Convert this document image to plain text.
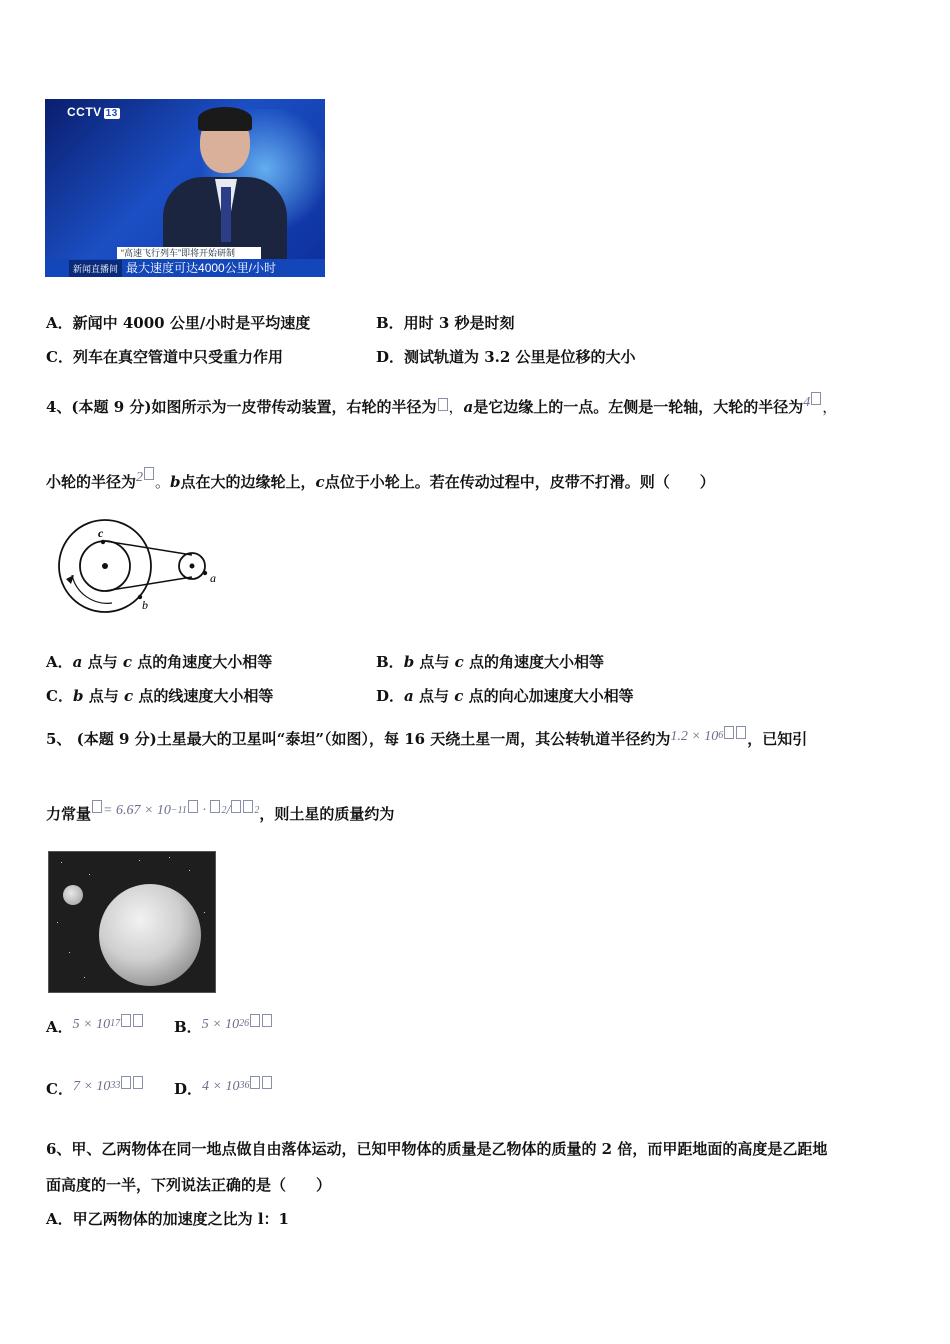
CCTV 13
“高速飞行列车”即将开始研制
新闻直播间 最大速度可达4000公里/小时
A．新闻中 4000 公里/小时是平均速度	B．用时 3 秒是时刻
C．列车在真空管道中只受重力作用	D．测试轨道为 3.2 公里是位移的大小
4、(本题 9 分)如图所示为一皮带传动装置，右轮的半径为 ，a是它边缘上的一点。左侧是一轮轴，大轮的半径为4 ，
小轮的半径为2 。b点在大的边缘轮上，c点位于小轮上。若在传动过程中，皮带不打滑。则（　　）
c
b
a
A．a 点与 c 点的角速度大小相等	B．b 点与 c 点的角速度大小相等
C．b 点与 c 点的线速度大小相等	D．a 点与 c 点的向心加速度大小相等
5、 (本题 9 分)土星最大的卫星叫“泰坦”（如图），每 16 天绕土星一周，其公转轨道半径约为$1.2 \times 10^6$ ，已知引
力常量 = $6.67 \times 10^{-11} \cdot ^2/$ $^2$，则土星的质量约为
A．$5 \times 10^{17}$	B．$5 \times 10^{26}$
C．$7 \times 10^{33}$	D．$4 \times 10^{36}$
6、甲、乙两物体在同一地点做自由落体运动，已知甲物体的质量是乙物体的质量的 2 倍，而甲距地面的高度是乙距地
面高度的一半，下列说法正确的是（　　）
A．甲乙两物体的加速度之比为 l：1
